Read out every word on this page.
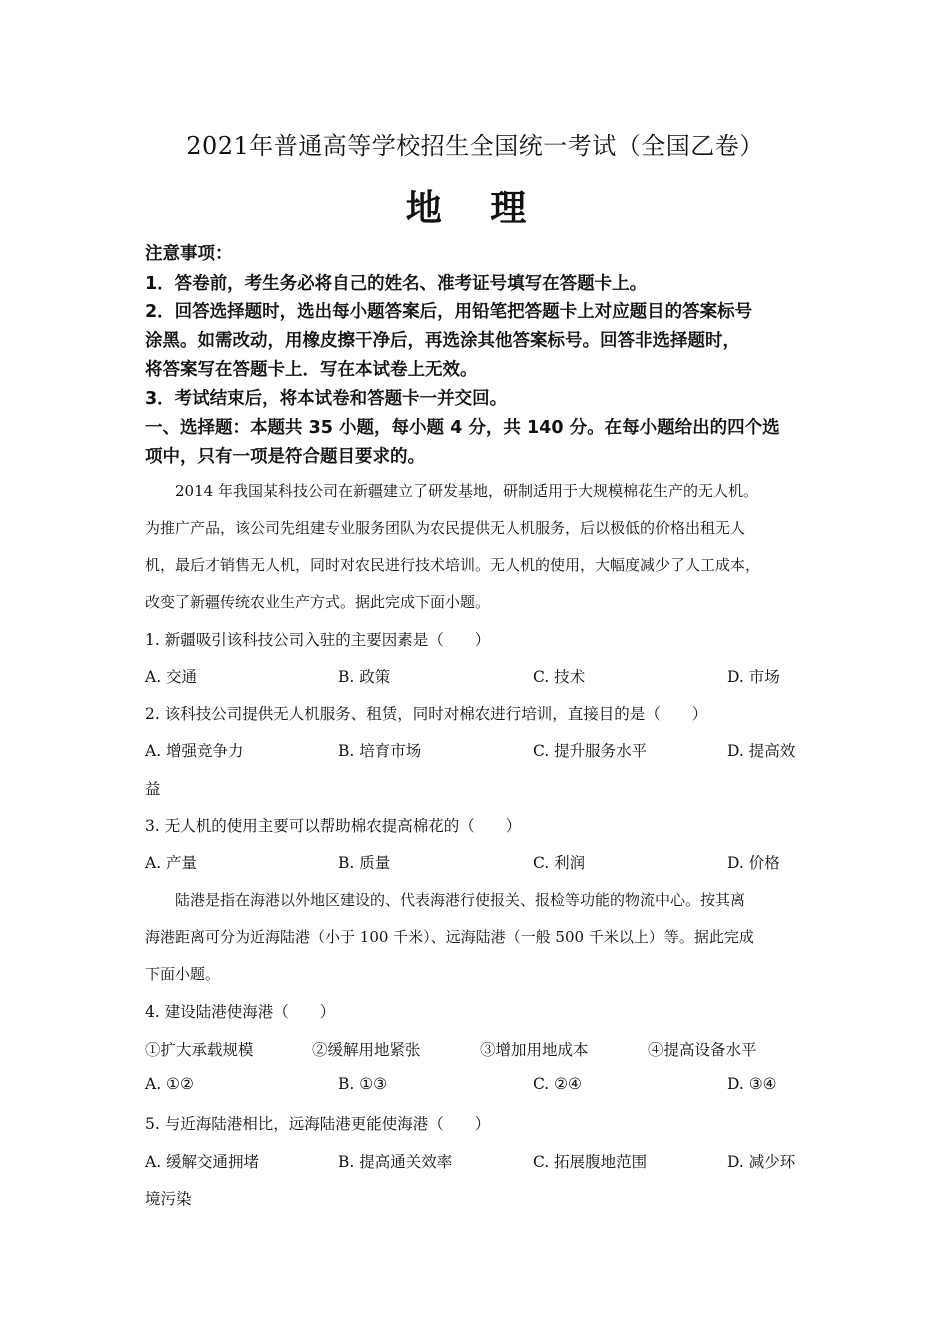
2021年普通高等学校招生全国统一考试（全国乙卷）
地 理
注意事项：
1．答卷前，考生务必将自己的姓名、准考证号填写在答题卡上。
2．回答选择题时，选出每小题答案后，用铅笔把答题卡上对应题目的答案标号
涂黑。如需改动，用橡皮擦干净后，再选涂其他答案标号。回答非选择题时，
将答案写在答题卡上．写在本试卷上无效。
3．考试结束后，将本试卷和答题卡一并交回。
一、选择题：本题共 35 小题，每小题 4 分，共 140 分。在每小题给出的四个选
项中，只有一项是符合题目要求的。
　　2014 年我国某科技公司在新疆建立了研发基地，研制适用于大规模棉花生产的无人机。
为推广产品，该公司先组建专业服务团队为农民提供无人机服务，后以极低的价格出租无人
机，最后才销售无人机，同时对农民进行技术培训。无人机的使用，大幅度减少了人工成本，
改变了新疆传统农业生产方式。据此完成下面小题。
1. 新疆吸引该科技公司入驻的主要因素是（　　）
A. 交通	B. 政策	C. 技术	D. 市场
2. 该科技公司提供无人机服务、租赁，同时对棉农进行培训，直接目的是（　　）
A. 增强竞争力	B. 培育市场	C. 提升服务水平	D. 提高效
益
3. 无人机的使用主要可以帮助棉农提高棉花的（　　）
A. 产量	B. 质量	C. 利润	D. 价格
　　陆港是指在海港以外地区建设的、代表海港行使报关、报检等功能的物流中心。按其离
海港距离可分为近海陆港（小于 100 千米）、远海陆港（一般 500 千米以上）等。据此完成
下面小题。
4. 建设陆港使海港（　　）
①扩大承载规模	②缓解用地紧张	③增加用地成本	④提高设备水平
A. ①②	B. ①③	C. ②④	D. ③④
5. 与近海陆港相比，远海陆港更能使海港（　　）
A. 缓解交通拥堵	B. 提高通关效率	C. 拓展腹地范围	D. 减少环
境污染
